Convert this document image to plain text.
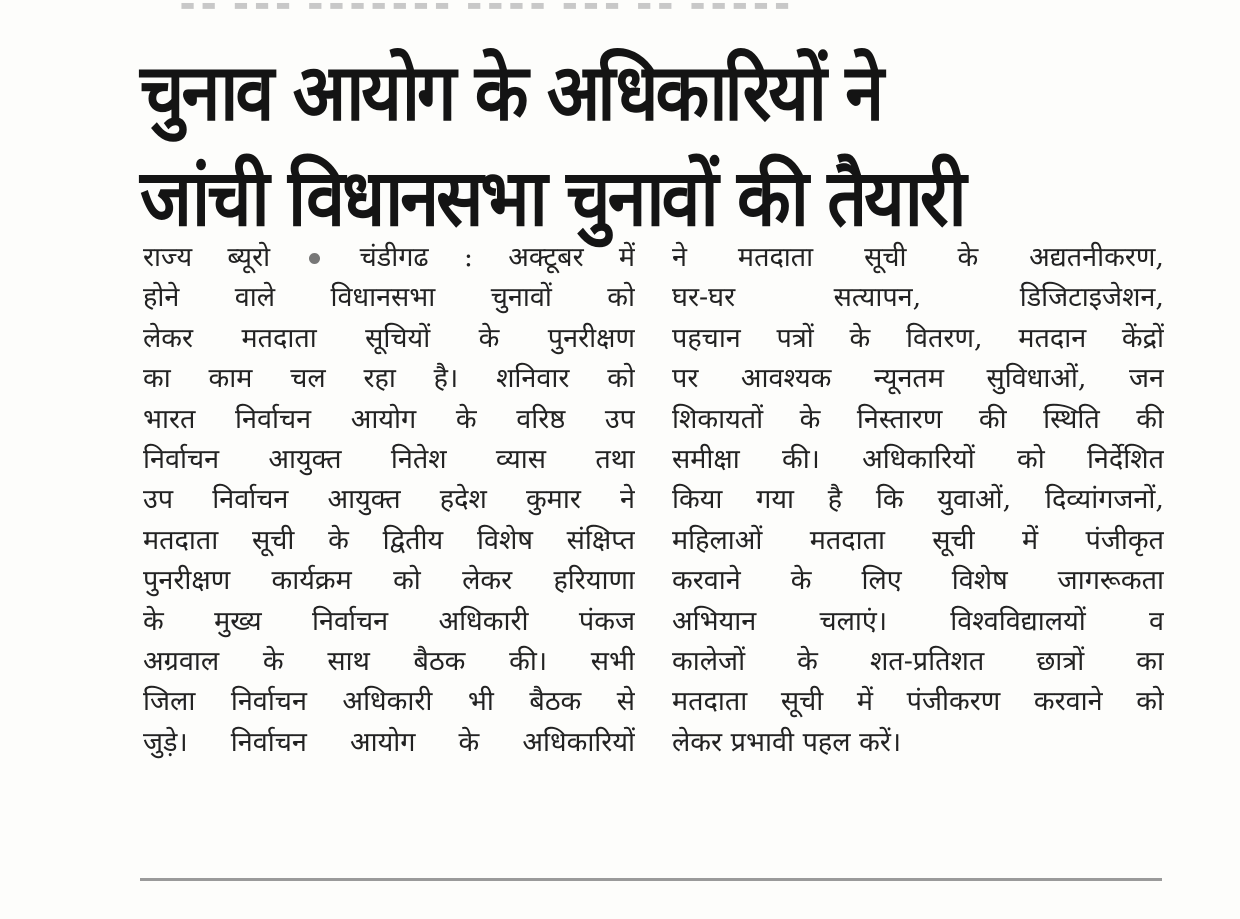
▬▬ ▬▬▬ ▬▬▬▬▬▬▬ ▬▬▬▬ ▬▬▬ ▬▬ ▬▬▬▬▬
चुनाव आयोग के अधिकारियों ने
जांची विधानसभा चुनावों की तैयारी
राज्य ब्यूरो	चंडीगढ : अक्टूबर में
होने वाले विधानसभा चुनावों को
लेकर मतदाता सूचियों के पुनरीक्षण
का काम चल रहा है। शनिवार को
भारत निर्वाचन आयोग के वरिष्ठ उप
निर्वाचन आयुक्त नितेश व्यास तथा
उप निर्वाचन आयुक्त हदेश कुमार ने
मतदाता सूची के द्वितीय विशेष संक्षिप्त
पुनरीक्षण कार्यक्रम को लेकर हरियाणा
के मुख्य निर्वाचन अधिकारी पंकज
अग्रवाल के साथ बैठक की। सभी
जिला निर्वाचन अधिकारी भी बैठक से
जुड़े। निर्वाचन आयोग के अधिकारियों
ने मतदाता सूची के अद्यतनीकरण,
घर-घर सत्यापन, डिजिटाइजेशन,
पहचान पत्रों के वितरण, मतदान केंद्रों
पर आवश्यक न्यूनतम सुविधाओं, जन
शिकायतों के निस्तारण की स्थिति की
समीक्षा की। अधिकारियों को निर्देशित
किया गया है कि युवाओं, दिव्यांगजनों,
महिलाओं मतदाता सूची में पंजीकृत
करवाने के लिए विशेष जागरूकता
अभियान चलाएं। विश्वविद्यालयों व
कालेजों के शत-प्रतिशत छात्रों का
मतदाता सूची में पंजीकरण करवाने को
लेकर प्रभावी पहल करें।
